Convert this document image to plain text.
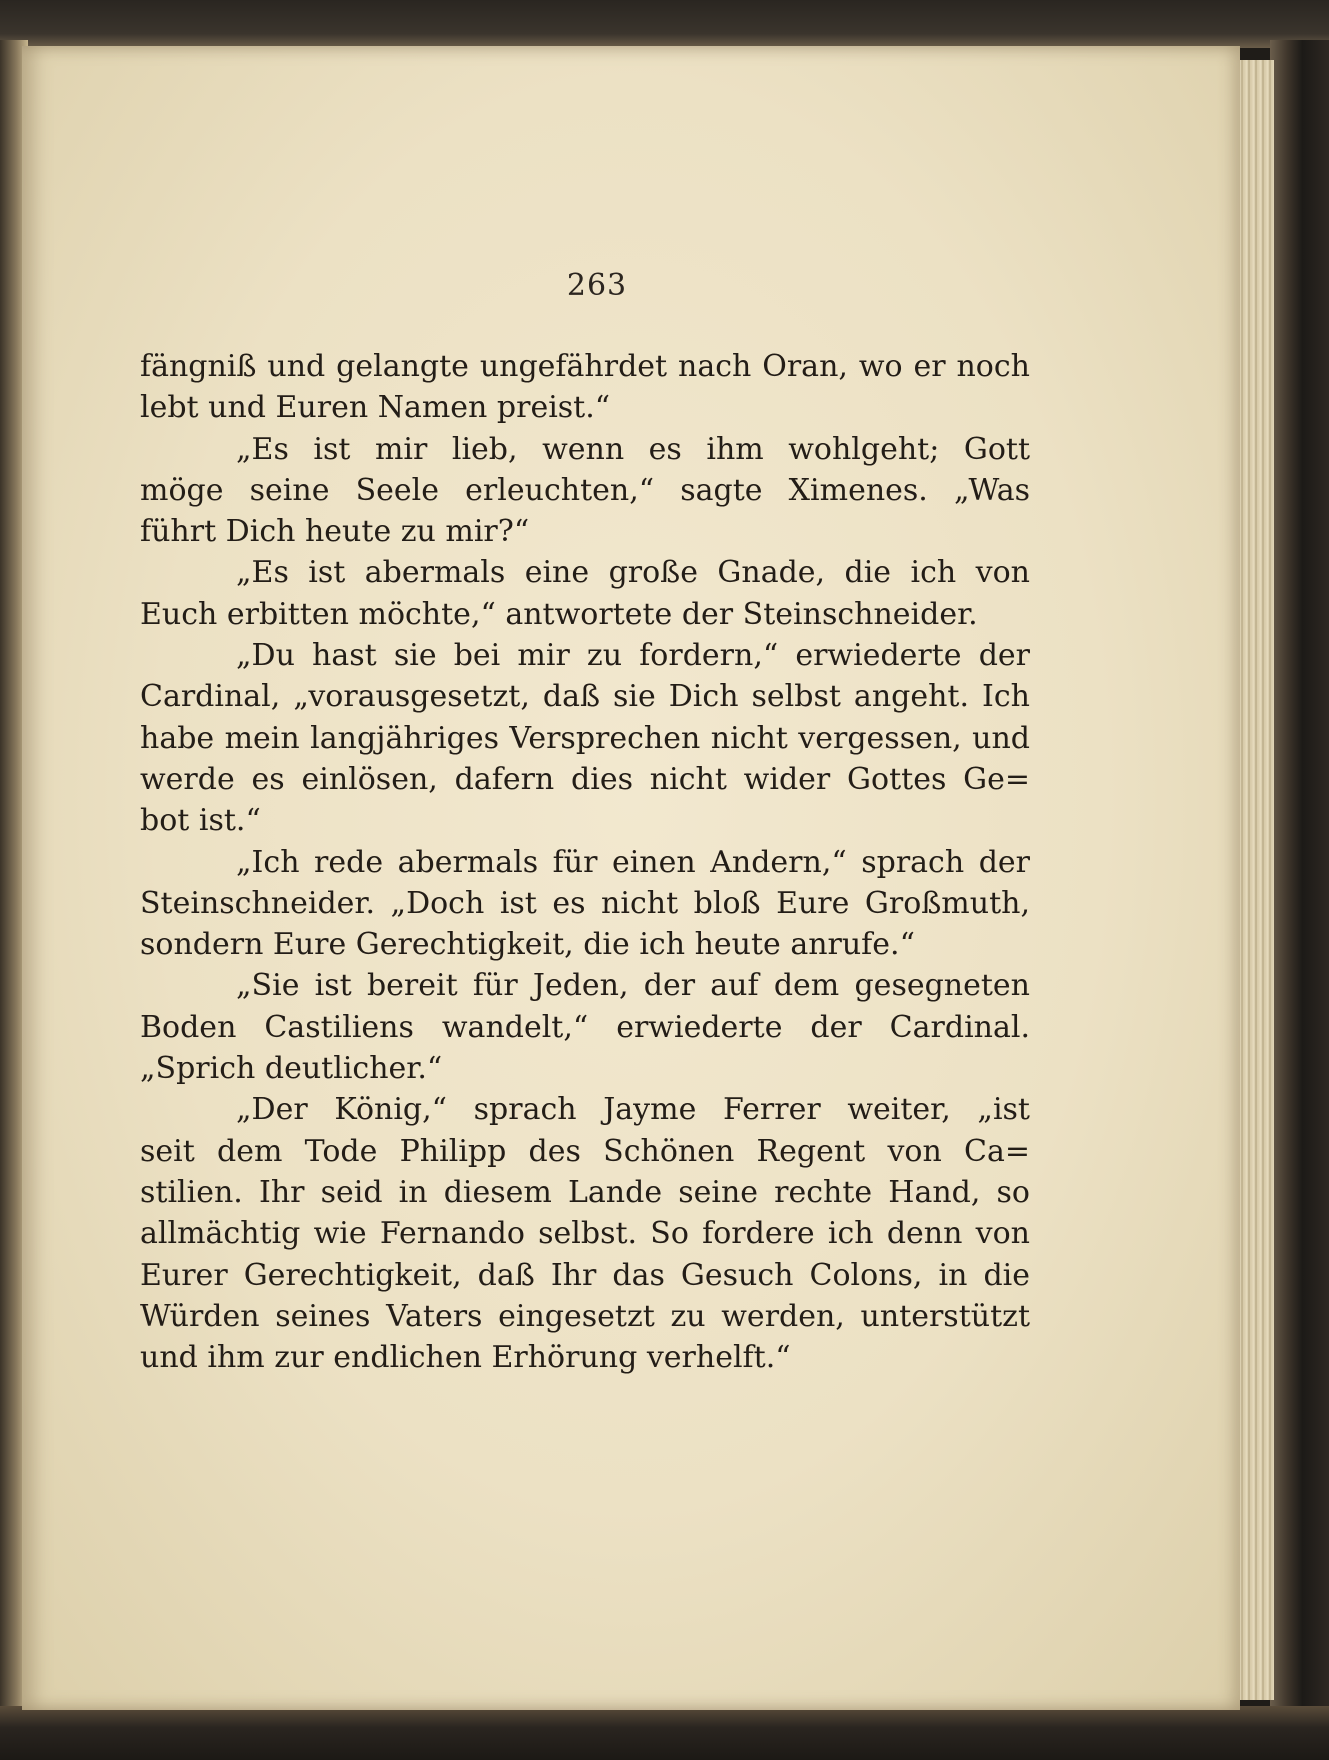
263
fängniß und gelangte ungefährdet nach Oran, wo er noch
lebt und Euren Namen preist.“
„Es ist mir lieb, wenn es ihm wohlgeht; Gott
möge seine Seele erleuchten,“ sagte Ximenes. „Was
führt Dich heute zu mir?“
„Es ist abermals eine große Gnade, die ich von
Euch erbitten möchte,“ antwortete der Steinschneider.
„Du hast sie bei mir zu fordern,“ erwiederte der
Cardinal, „vorausgesetzt, daß sie Dich selbst angeht. Ich
habe mein langjähriges Versprechen nicht vergessen, und
werde es einlösen, dafern dies nicht wider Gottes Ge=
bot ist.“
„Ich rede abermals für einen Andern,“ sprach der
Steinschneider. „Doch ist es nicht bloß Eure Großmuth,
sondern Eure Gerechtigkeit, die ich heute anrufe.“
„Sie ist bereit für Jeden, der auf dem gesegneten
Boden Castiliens wandelt,“ erwiederte der Cardinal.
„Sprich deutlicher.“
„Der König,“ sprach Jayme Ferrer weiter, „ist
seit dem Tode Philipp des Schönen Regent von Ca=
stilien. Ihr seid in diesem Lande seine rechte Hand, so
allmächtig wie Fernando selbst. So fordere ich denn von
Eurer Gerechtigkeit, daß Ihr das Gesuch Colons, in die
Würden seines Vaters eingesetzt zu werden, unterstützt
und ihm zur endlichen Erhörung verhelft.“
